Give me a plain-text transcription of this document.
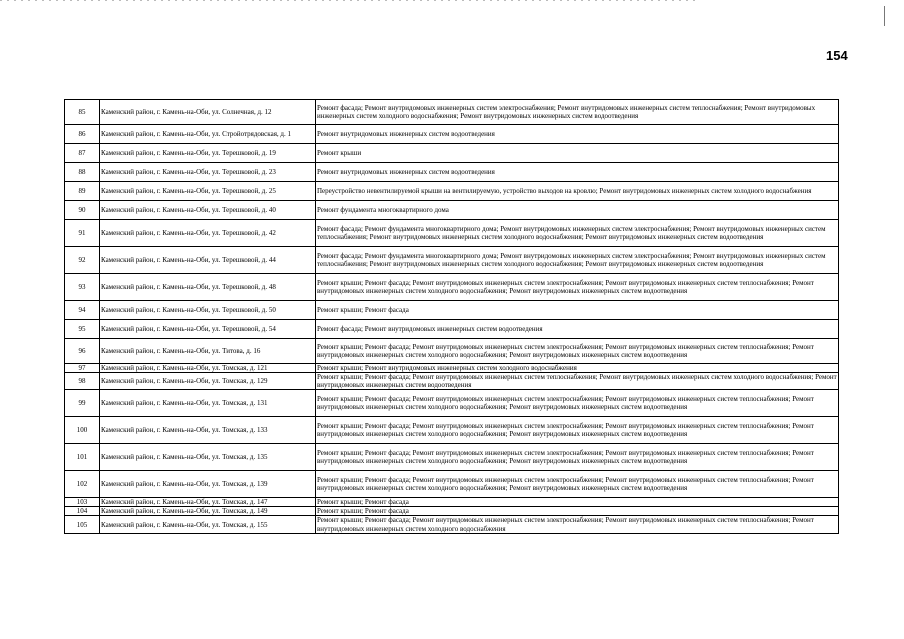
154
85	Каменский район, г. Камень-на-Оби, ул. Солнечная, д. 12	Ремонт фасада; Ремонт внутридомовых инженерных систем электроснабжения; Ремонт внутридомовых инженерных систем теплоснабжения; Ремонт внутридомовых инженерных систем холодного водоснабжения; Ремонт внутридомовых инженерных систем водоотведения
86	Каменский район, г. Камень-на-Оби, ул. Стройотрядовская, д. 1	Ремонт внутридомовых инженерных систем водоотведения
87	Каменский район, г. Камень-на-Оби, ул. Терешковой, д. 19	Ремонт крыши
88	Каменский район, г. Камень-на-Оби, ул. Терешковой, д. 23	Ремонт внутридомовых инженерных систем водоотведения
89	Каменский район, г. Камень-на-Оби, ул. Терешковой, д. 25	Переустройство невентилируемой крыши на вентилируемую, устройство выходов на кровлю; Ремонт внутридомовых инженерных систем холодного водоснабжения
90	Каменский район, г. Камень-на-Оби, ул. Терешковой, д. 40	Ремонт фундамента многоквартирного дома
91	Каменский район, г. Камень-на-Оби, ул. Терешковой, д. 42	Ремонт фасада; Ремонт фундамента многоквартирного дома; Ремонт внутридомовых инженерных систем электроснабжения; Ремонт внутридомовых инженерных систем теплоснабжения; Ремонт внутридомовых инженерных систем холодного водоснабжения; Ремонт внутридомовых инженерных систем водоотведения
92	Каменский район, г. Камень-на-Оби, ул. Терешковой, д. 44	Ремонт фасада; Ремонт фундамента многоквартирного дома; Ремонт внутридомовых инженерных систем электроснабжения; Ремонт внутридомовых инженерных систем теплоснабжения; Ремонт внутридомовых инженерных систем холодного водоснабжения; Ремонт внутридомовых инженерных систем водоотведения
93	Каменский район, г. Камень-на-Оби, ул. Терешковой, д. 48	Ремонт крыши; Ремонт фасада; Ремонт внутридомовых инженерных систем электроснабжения; Ремонт внутридомовых инженерных систем теплоснабжения; Ремонт внутридомовых инженерных систем холодного водоснабжения; Ремонт внутридомовых инженерных систем водоотведения
94	Каменский район, г. Камень-на-Оби, ул. Терешковой, д. 50	Ремонт крыши; Ремонт фасада
95	Каменский район, г. Камень-на-Оби, ул. Терешковой, д. 54	Ремонт фасада; Ремонт внутридомовых инженерных систем водоотведения
96	Каменский район, г. Камень-на-Оби, ул. Титова, д. 16	Ремонт крыши; Ремонт фасада; Ремонт внутридомовых инженерных систем электроснабжения; Ремонт внутридомовых инженерных систем теплоснабжения; Ремонт внутридомовых инженерных систем холодного водоснабжения; Ремонт внутридомовых инженерных систем водоотведения
97	Каменский район, г. Камень-на-Оби, ул. Томская, д. 121	Ремонт крыши; Ремонт внутридомовых инженерных систем холодного водоснабжения
98	Каменский район, г. Камень-на-Оби, ул. Томская, д. 129	Ремонт крыши; Ремонт фасада; Ремонт внутридомовых инженерных систем теплоснабжения; Ремонт внутридомовых инженерных систем холодного водоснабжения; Ремонт внутридомовых инженерных систем водоотведения
99	Каменский район, г. Камень-на-Оби, ул. Томская, д. 131	Ремонт крыши; Ремонт фасада; Ремонт внутридомовых инженерных систем электроснабжения; Ремонт внутридомовых инженерных систем теплоснабжения; Ремонт внутридомовых инженерных систем холодного водоснабжения; Ремонт внутридомовых инженерных систем водоотведения
100	Каменский район, г. Камень-на-Оби, ул. Томская, д. 133	Ремонт крыши; Ремонт фасада; Ремонт внутридомовых инженерных систем электроснабжения; Ремонт внутридомовых инженерных систем теплоснабжения; Ремонт внутридомовых инженерных систем холодного водоснабжения; Ремонт внутридомовых инженерных систем водоотведения
101	Каменский район, г. Камень-на-Оби, ул. Томская, д. 135	Ремонт крыши; Ремонт фасада; Ремонт внутридомовых инженерных систем электроснабжения; Ремонт внутридомовых инженерных систем теплоснабжения; Ремонт внутридомовых инженерных систем холодного водоснабжения; Ремонт внутридомовых инженерных систем водоотведения
102	Каменский район, г. Камень-на-Оби, ул. Томская, д. 139	Ремонт крыши; Ремонт фасада; Ремонт внутридомовых инженерных систем электроснабжения; Ремонт внутридомовых инженерных систем теплоснабжения; Ремонт внутридомовых инженерных систем холодного водоснабжения; Ремонт внутридомовых инженерных систем водоотведения
103	Каменский район, г. Камень-на-Оби, ул. Томская, д. 147	Ремонт крыши; Ремонт фасада
104	Каменский район, г. Камень-на-Оби, ул. Томская, д. 149	Ремонт крыши; Ремонт фасада
105	Каменский район, г. Камень-на-Оби, ул. Томская, д. 155	Ремонт крыши; Ремонт фасада; Ремонт внутридомовых инженерных систем электроснабжения; Ремонт внутридомовых инженерных систем теплоснабжения; Ремонт внутридомовых инженерных систем холодного водоснабжения
